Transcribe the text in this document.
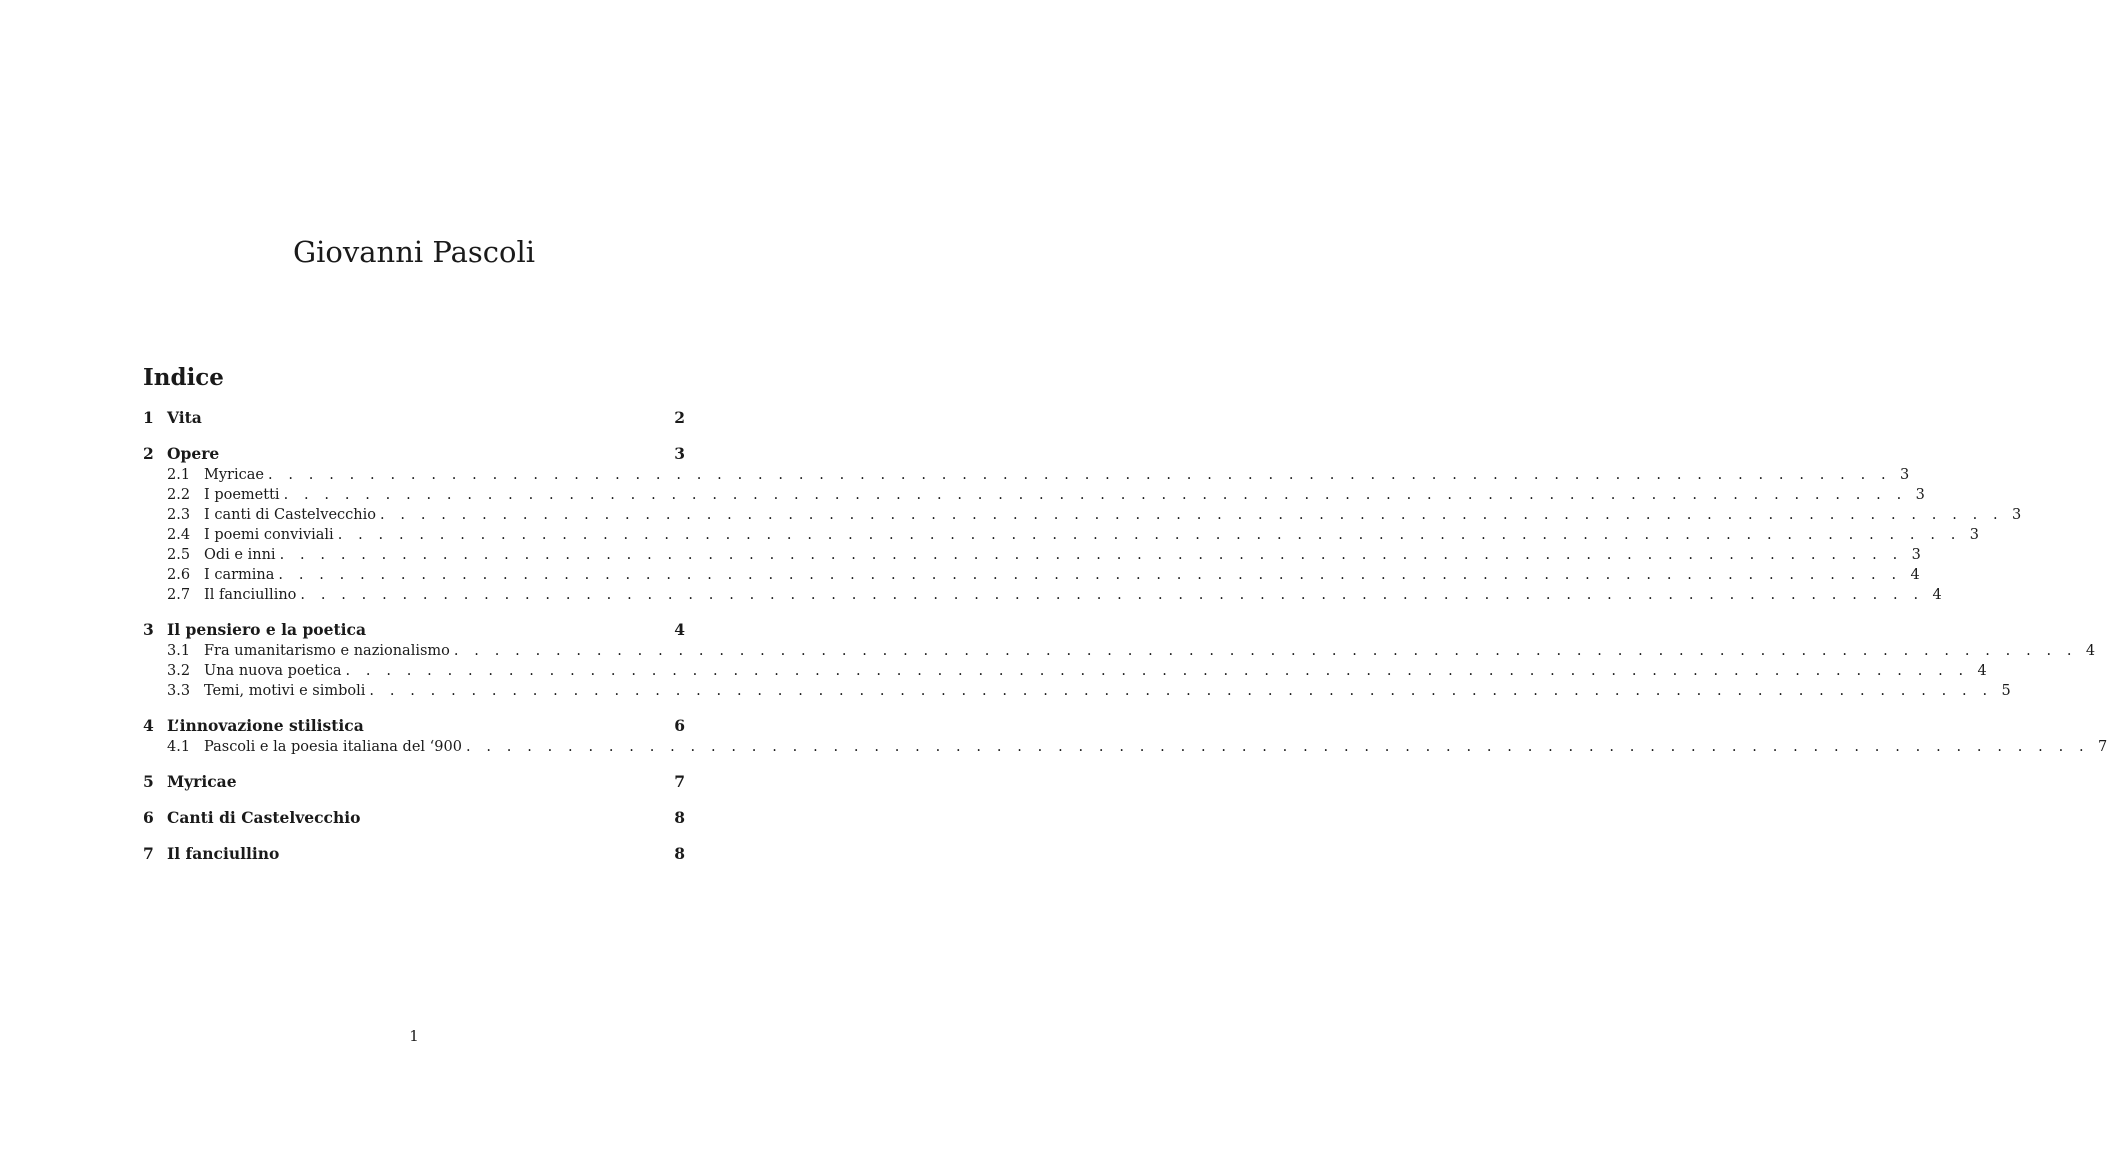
Giovanni Pascoli
Indice
1 Vita	2
2 Opere	3
2.1 Myricae . . . . . . . . . . . . . . . . . . . . . . . . . . . . . . . . . . . . . . . . . . . . . . . . . . . . . . . . . . . . . . . . . . . . . . . . . . . . . . . . 3
2.2 I poemetti . . . . . . . . . . . . . . . . . . . . . . . . . . . . . . . . . . . . . . . . . . . . . . . . . . . . . . . . . . . . . . . . . . . . . . . . . . . . . . . . 3
2.3 I canti di Castelvecchio . . . . . . . . . . . . . . . . . . . . . . . . . . . . . . . . . . . . . . . . . . . . . . . . . . . . . . . . . . . . . . . . . . . . . . . . . . . . . . . . 3
2.4 I poemi conviviali . . . . . . . . . . . . . . . . . . . . . . . . . . . . . . . . . . . . . . . . . . . . . . . . . . . . . . . . . . . . . . . . . . . . . . . . . . . . . . . . 3
2.5 Odi e inni . . . . . . . . . . . . . . . . . . . . . . . . . . . . . . . . . . . . . . . . . . . . . . . . . . . . . . . . . . . . . . . . . . . . . . . . . . . . . . . . 3
2.6 I carmina . . . . . . . . . . . . . . . . . . . . . . . . . . . . . . . . . . . . . . . . . . . . . . . . . . . . . . . . . . . . . . . . . . . . . . . . . . . . . . . . 4
2.7 Il fanciullino . . . . . . . . . . . . . . . . . . . . . . . . . . . . . . . . . . . . . . . . . . . . . . . . . . . . . . . . . . . . . . . . . . . . . . . . . . . . . . . . 4
3 Il pensiero e la poetica	4
3.1 Fra umanitarismo e nazionalismo . . . . . . . . . . . . . . . . . . . . . . . . . . . . . . . . . . . . . . . . . . . . . . . . . . . . . . . . . . . . . . . . . . . . . . . . . . . . . . . . 4
3.2 Una nuova poetica . . . . . . . . . . . . . . . . . . . . . . . . . . . . . . . . . . . . . . . . . . . . . . . . . . . . . . . . . . . . . . . . . . . . . . . . . . . . . . . . 4
3.3 Temi, motivi e simboli . . . . . . . . . . . . . . . . . . . . . . . . . . . . . . . . . . . . . . . . . . . . . . . . . . . . . . . . . . . . . . . . . . . . . . . . . . . . . . . . 5
4 L’innovazione stilistica	6
4.1 Pascoli e la poesia italiana del ‘900 . . . . . . . . . . . . . . . . . . . . . . . . . . . . . . . . . . . . . . . . . . . . . . . . . . . . . . . . . . . . . . . . . . . . . . . . . . . . . . . . 7
5 Myricae	7
6 Canti di Castelvecchio	8
7 Il fanciullino	8
1
